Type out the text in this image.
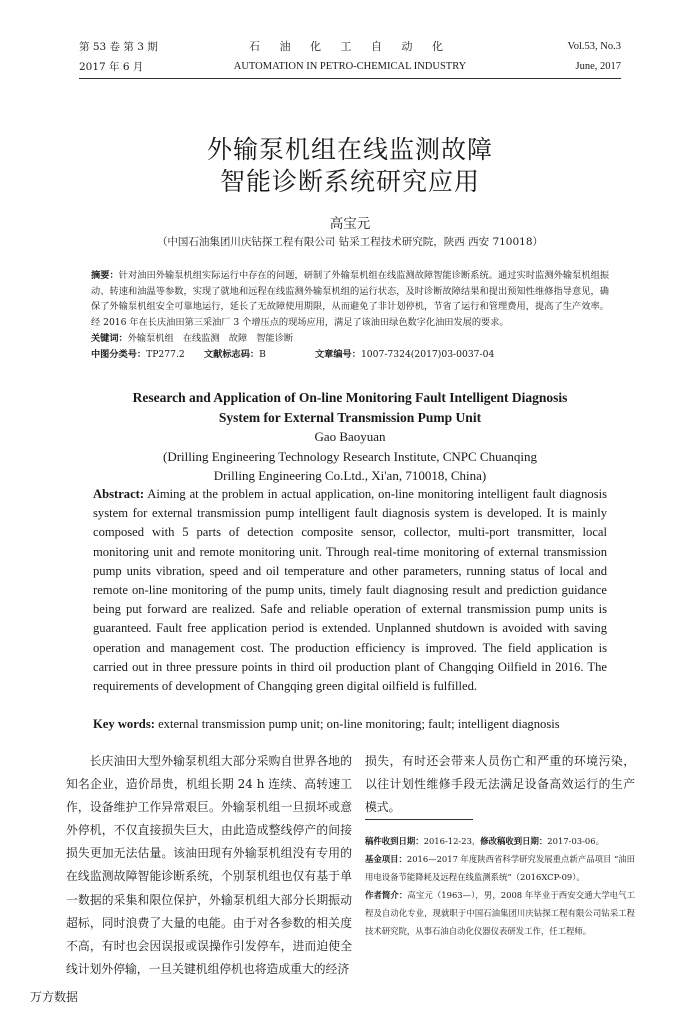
第 53 卷 第 3 期	石 油 化 工 自 动 化	Vol.53, No.3
2017 年 6 月	AUTOMATION IN PETRO-CHEMICAL INDUSTRY	June, 2017
外输泵机组在线监测故障
智能诊断系统研究应用
高宝元
（中国石油集团川庆钻探工程有限公司 钻采工程技术研究院，陕西 西安 710018）
摘要：针对油田外输泵机组实际运行中存在的问题，研制了外输泵机组在线监测故障智能诊断系统。通过实时监测外输泵机组振动、转速和油温等参数，实现了就地和远程在线监测外输泵机组的运行状态，及时诊断故障结果和提出预知性维修指导意见，确保了外输泵机组安全可靠地运行，延长了无故障使用期限，从而避免了非计划停机，节省了运行和管理费用，提高了生产效率。经 2016 年在长庆油田第三采油厂 3 个增压点的现场应用，满足了该油田绿色数字化油田发展的要求。
关键词：外输泵机组　在线监测　故障　智能诊断
中图分类号：TP277.2 文献标志码：B	文章编号：1007-7324(2017)03-0037-04
Research and Application of On-line Monitoring Fault Intelligent Diagnosis
System for External Transmission Pump Unit
Gao Baoyuan
(Drilling Engineering Technology Research Institute, CNPC Chuanqing
Drilling Engineering Co.Ltd., Xi'an, 710018, China)
Abstract: Aiming at the problem in actual application, on-line monitoring intelligent fault diagnosis system for external transmission pump intelligent fault diagnosis system is developed. It is mainly composed with 5 parts of detection composite sensor, collector, multi-port transmitter, local monitoring unit and remote monitoring unit. Through real-time monitoring of external transmission pump units vibration, speed and oil temperature and other parameters, running status of local and remote on-line monitoring of the pump units, timely fault diagnosing result and prediction guidance being put forward are realized. Safe and reliable operation of external transmission pump units is guaranteed. Fault free application period is extended. Unplanned shutdown is avoided with saving operation and management cost. The production efficiency is improved. The field application is carried out in three pressure points in third oil production plant of Changqing Oilfield in 2016. The requirements of development of Changqing green digital oilfield is fulfilled.
Key words: external transmission pump unit; on-line monitoring; fault; intelligent diagnosis

长庆油田大型外输泵机组大部分采购自世界各地的知名企业，造价昂贵，机组长期 24 h 连续、高转速工作，设备维护工作异常艰巨。外输泵机组一旦损坏或意外停机，不仅直接损失巨大，由此造成整线停产的间接损失更加无法估量。该油田现有外输泵机组没有专用的在线监测故障智能诊断系统，个别泵机组也仅有基于单一数据的采集和限位保护，外输泵机组大部分长期振动超标，同时浪费了大量的电能。由于对各参数的相关度不高，有时也会因误报或误操作引发停车，进而迫使全线计划外停输，一旦关键机组停机也将造成重大的经济

损失，有时还会带来人员伤亡和严重的环境污染，以往计划性维修手段无法满足设备高效运行的生产模式。

稿件收到日期：2016-12-23，修改稿收到日期：2017-03-06。

基金项目：2016—2017 年度陕西省科学研究发展重点新产品项目 “油田用电设备节能降耗及远程在线监测系统”（2016XCP-09）。

作者简介：高宝元（1963—），男，2008 年毕业于西安交通大学电气工程及自动化专业，现就职于中国石油集团川庆钻探工程有限公司钻采工程技术研究院，从事石油自动化仪器仪表研发工作，任工程师。

万方数据
